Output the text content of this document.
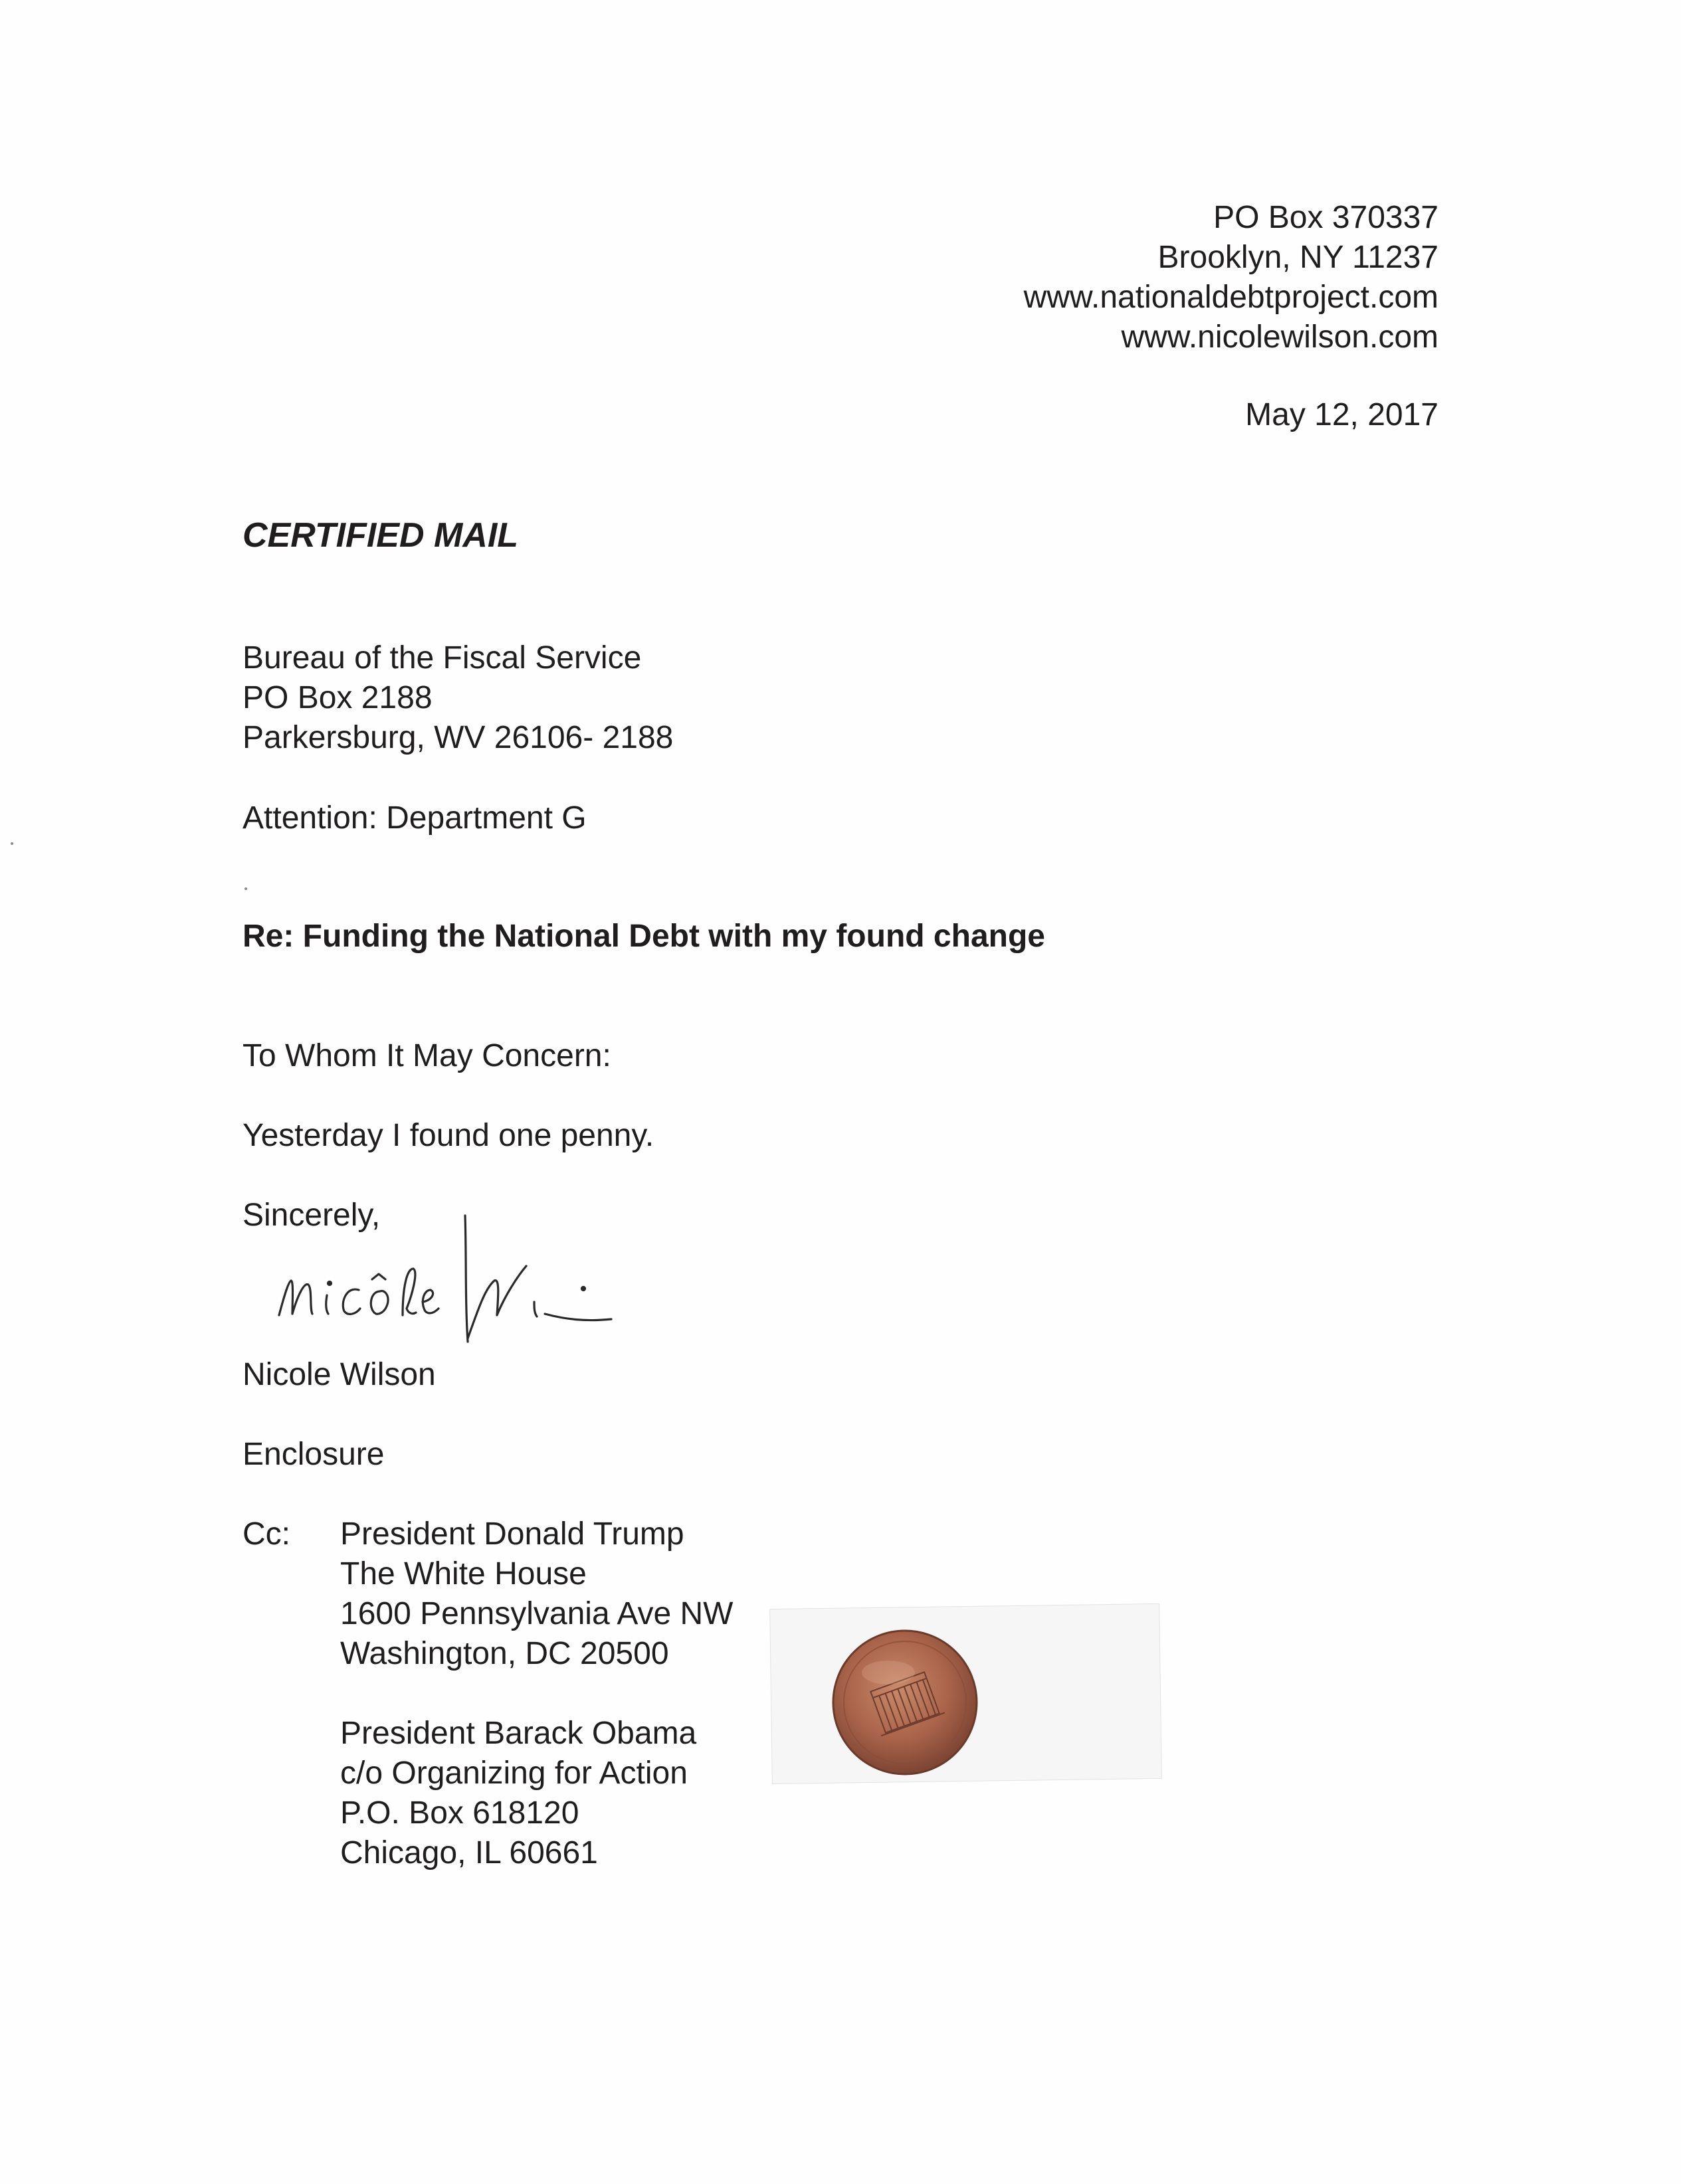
PO Box 370337
Brooklyn, NY 11237
www.nationaldebtproject.com
www.nicolewilson.com
May 12, 2017

CERTIFIED MAIL

Bureau of the Fiscal Service
PO Box 2188
Parkersburg, WV 26106- 2188

Attention: Department G

Re: Funding the National Debt with my found change

To Whom It May Concern:

Yesterday I found one penny.

Sincerely,

Nicole Wilson

Enclosure

Cc: President Donald Trump
The White House
1600 Pennsylvania Ave NW
Washington, DC 20500
President Barack Obama
c/o Organizing for Action
P.O. Box 618120
Chicago, IL 60661
